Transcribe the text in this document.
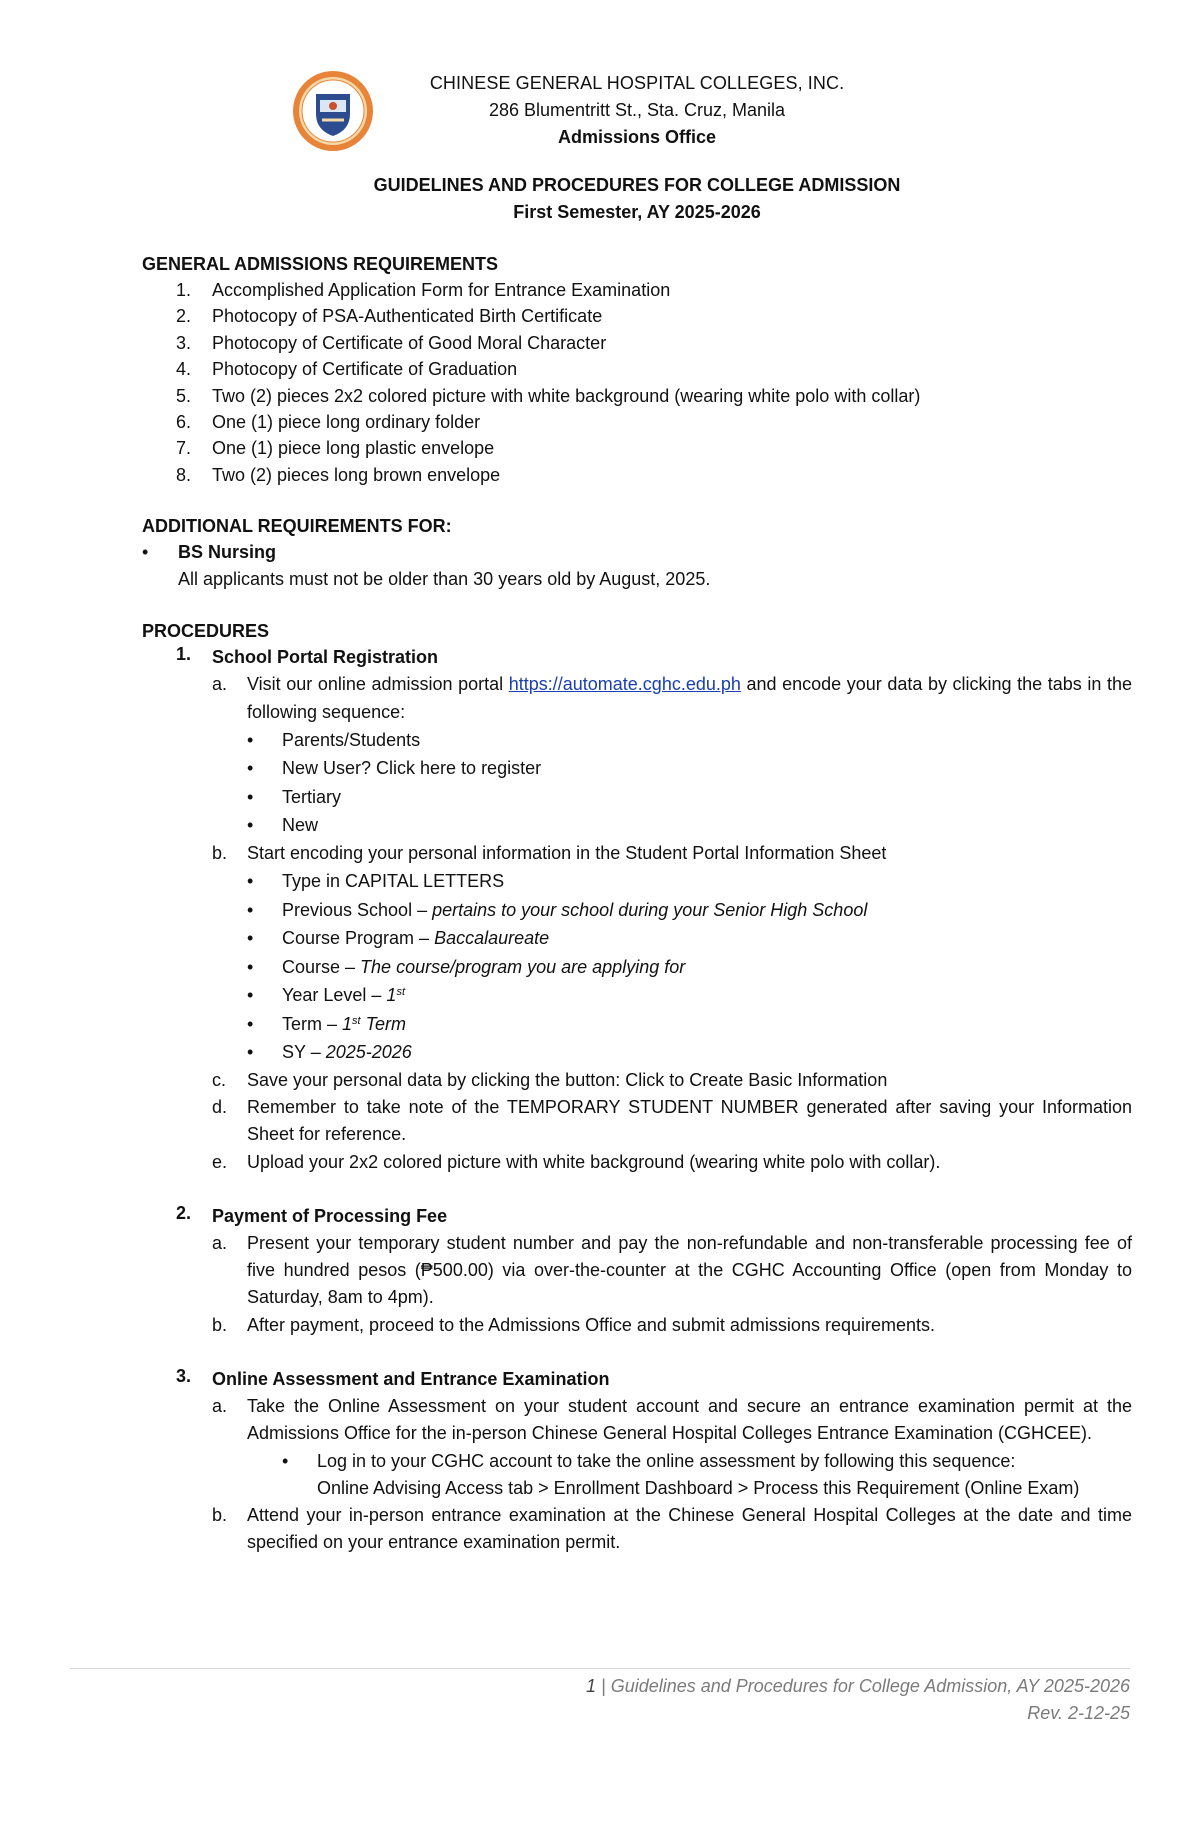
CHINESE GENERAL HOSPITAL COLLEGES, INC.
286 Blumentritt St., Sta. Cruz, Manila
Admissions Office
GUIDELINES AND PROCEDURES FOR COLLEGE ADMISSION
First Semester, AY 2025-2026
GENERAL ADMISSIONS REQUIREMENTS
1. Accomplished Application Form for Entrance Examination
2. Photocopy of PSA-Authenticated Birth Certificate
3. Photocopy of Certificate of Good Moral Character
4. Photocopy of Certificate of Graduation
5. Two (2) pieces 2x2 colored picture with white background (wearing white polo with collar)
6. One (1) piece long ordinary folder
7. One (1) piece long plastic envelope
8. Two (2) pieces long brown envelope
ADDITIONAL REQUIREMENTS FOR:
• BS Nursing
All applicants must not be older than 30 years old by August, 2025.
PROCEDURES
1. School Portal Registration
a. Visit our online admission portal https://automate.cghc.edu.ph and encode your data by clicking the tabs in the following sequence:
• Parents/Students
• New User? Click here to register
• Tertiary
• New
b. Start encoding your personal information in the Student Portal Information Sheet
• Type in CAPITAL LETTERS
• Previous School – pertains to your school during your Senior High School
• Course Program – Baccalaureate
• Course – The course/program you are applying for
• Year Level – 1st
• Term – 1st Term
• SY – 2025-2026
c. Save your personal data by clicking the button: Click to Create Basic Information
d. Remember to take note of the TEMPORARY STUDENT NUMBER generated after saving your Information Sheet for reference.
e. Upload your 2x2 colored picture with white background (wearing white polo with collar).
2. Payment of Processing Fee
a. Present your temporary student number and pay the non-refundable and non-transferable processing fee of five hundred pesos (₱500.00) via over-the-counter at the CGHC Accounting Office (open from Monday to Saturday, 8am to 4pm).
b. After payment, proceed to the Admissions Office and submit admissions requirements.
3. Online Assessment and Entrance Examination
a. Take the Online Assessment on your student account and secure an entrance examination permit at the Admissions Office for the in-person Chinese General Hospital Colleges Entrance Examination (CGHCEE).
• Log in to your CGHC account to take the online assessment by following this sequence:
Online Advising Access tab > Enrollment Dashboard > Process this Requirement (Online Exam)
b. Attend your in-person entrance examination at the Chinese General Hospital Colleges at the date and time specified on your entrance examination permit.
1 | Guidelines and Procedures for College Admission, AY 2025-2026
Rev. 2-12-25
